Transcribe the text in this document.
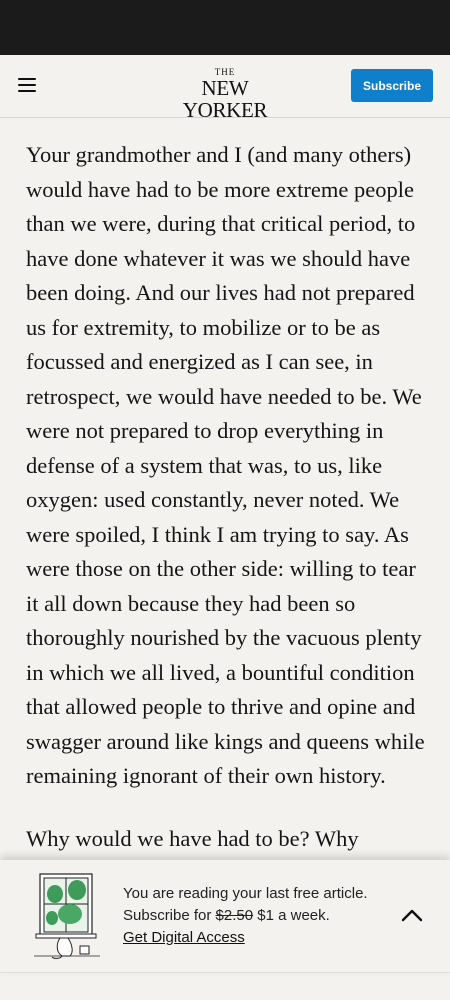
THE
NEW YORKER
Subscribe

Your grandmother and I (and many others) would have had to be more extreme people than we were, during that critical period, to have done whatever it was we should have been doing. And our lives had not prepared us for extremity, to mobilize or to be as focussed and energized as I can see, in retrospect, we would have needed to be. We were not prepared to drop everything in defense of a system that was, to us, like oxygen: used constantly, never noted. We were spoiled, I think I am trying to say. As were those on the other side: willing to tear it all down because they had been so thoroughly nourished by the vacuous plenty in which we all lived, a bountiful condition that allowed people to thrive and opine and swagger around like kings and queens while remaining ignorant of their own history.

Why would we have had to be? Why

You are reading your last free article.
Subscribe for $2.50 $1 a week.
Get Digital Access
